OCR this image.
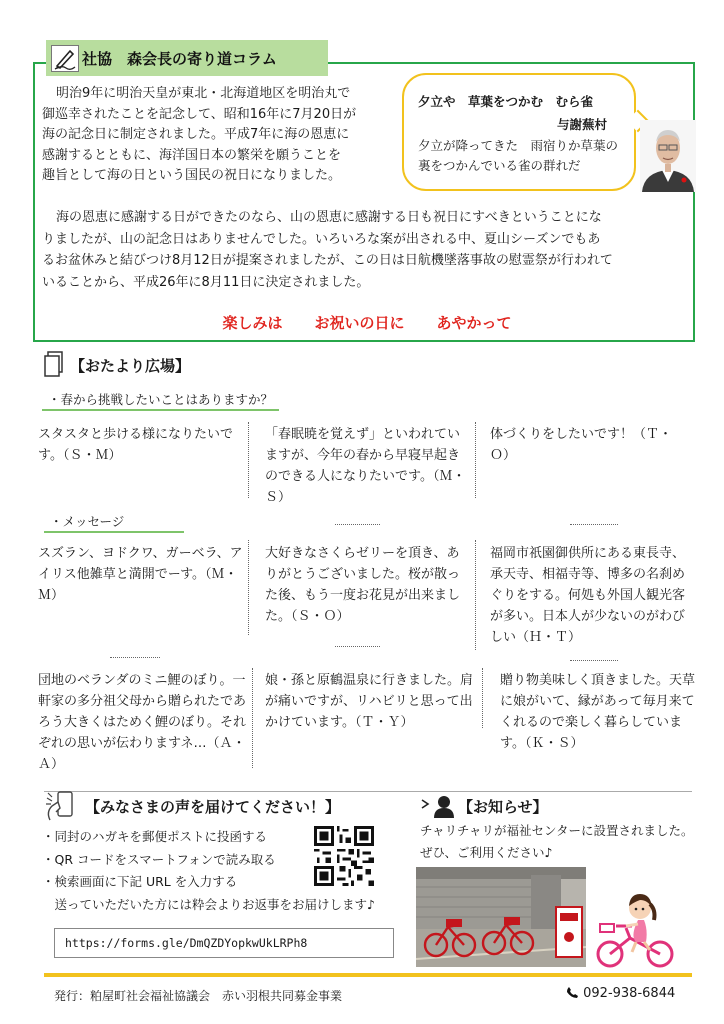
社協　森会長の寄り道コラム
明治9年に明治天皇が東北・北海道地区を明治丸で
御巡幸されたことを記念して、昭和16年に7月20日が
海の記念日に制定されました。平成7年に海の恩恵に
感謝するとともに、海洋国日本の繁栄を願うことを
趣旨として海の日という国民の祝日になりました。
夕立や　草葉をつかむ　むら雀
与謝蕪村
夕立が降ってきた　雨宿りか草葉の裏をつかんでいる雀の群れだ
海の恩恵に感謝する日ができたのなら、山の恩恵に感謝する日も祝日にすべきということにな
りましたが、山の記念日はありませんでした。いろいろな案が出される中、夏山シーズンでもあ
るお盆休みと結びつけ8月12日が提案されましたが、この日は日航機墜落事故の慰霊祭が行われて
いることから、平成26年に8月11日に決定されました。
楽しみは お祝いの日に あやかって
【おたより広場】
・春から挑戦したいことはありますか？
スタスタと歩ける様になりたいです。（Ｓ・Ｍ）
「春眠暁を覚えず」といわれていますが、今年の春から早寝早起きのできる人になりたいです。（Ｍ・Ｓ）
体づくりをしたいです！（Ｔ・Ｏ）
・メッセージ
スズラン、ヨドクワ、ガーベラ、アイリス他雑草と満開でーす。（Ｍ・Ｍ）
大好きなさくらゼリーを頂き、ありがとうございました。桜が散った後、もう一度お花見が出来ました。（Ｓ・Ｏ）
福岡市祇園御供所にある東長寺、承天寺、相福寺等、博多の名刹めぐりをする。何処も外国人観光客が多い。日本人が少ないのがわびしい（Ｈ・Ｔ）
団地のベランダのミニ鯉のぼり。一軒家の多分祖父母から贈られたであろう大きくはためく鯉のぼり。それぞれの思いが伝わりますネ…（Ａ・Ａ）
娘・孫と原鶴温泉に行きました。肩が痛いですが、リハビリと思って出かけています。（Ｔ・Ｙ）
贈り物美味しく頂きました。天草に娘がいて、縁があって毎月来てくれるので楽しく暮らしています。（Ｋ・Ｓ）
【みなさまの声を届けてください！】
・同封のハガキを郵便ポストに投函する
・QR コードをスマートフォンで読み取る
・検索画面に下記 URL を入力する
　送っていただいた方には粋会よりお返事をお届けします♪
https://forms.gle/DmQZDYopkwUkLRPh8
【お知らせ】
チャリチャリが福祉センターに設置されました。ぜひ、ご利用ください♪
発行：粕屋町社会福祉協議会　赤い羽根共同募金事業	092-938-6844
